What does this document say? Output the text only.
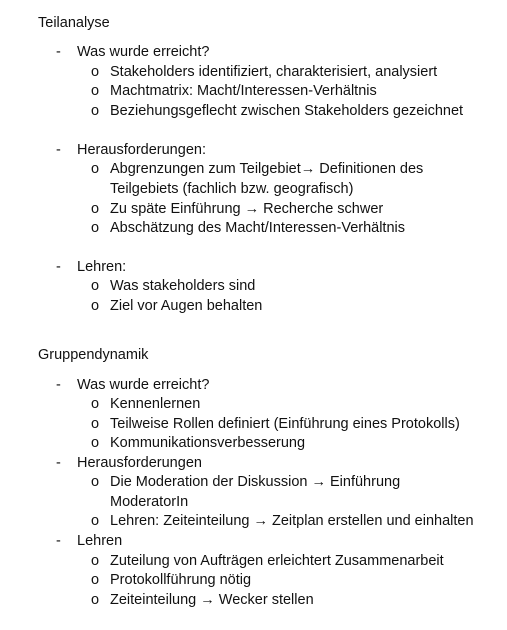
Teilanalyse
- Was wurde erreicht?
o Stakeholders identifiziert, charakterisiert, analysiert
o Machtmatrix: Macht/Interessen-Verhältnis
o Beziehungsgeflecht zwischen Stakeholders gezeichnet
- Herausforderungen:
o Abgrenzungen zum Teilgebiet→ Definitionen des
Teilgebiets (fachlich bzw. geografisch)
o Zu späte Einführung → Recherche schwer
o Abschätzung des Macht/Interessen-Verhältnis
- Lehren:
o Was stakeholders sind
o Ziel vor Augen behalten
Gruppendynamik
- Was wurde erreicht?
o Kennenlernen
o Teilweise Rollen definiert (Einführung eines Protokolls)
o Kommunikationsverbesserung
- Herausforderungen
o Die Moderation der Diskussion → Einführung
ModeratorIn
o Lehren: Zeiteinteilung → Zeitplan erstellen und einhalten
- Lehren
o Zuteilung von Aufträgen erleichtert Zusammenarbeit
o Protokollführung nötig
o Zeiteinteilung → Wecker stellen
